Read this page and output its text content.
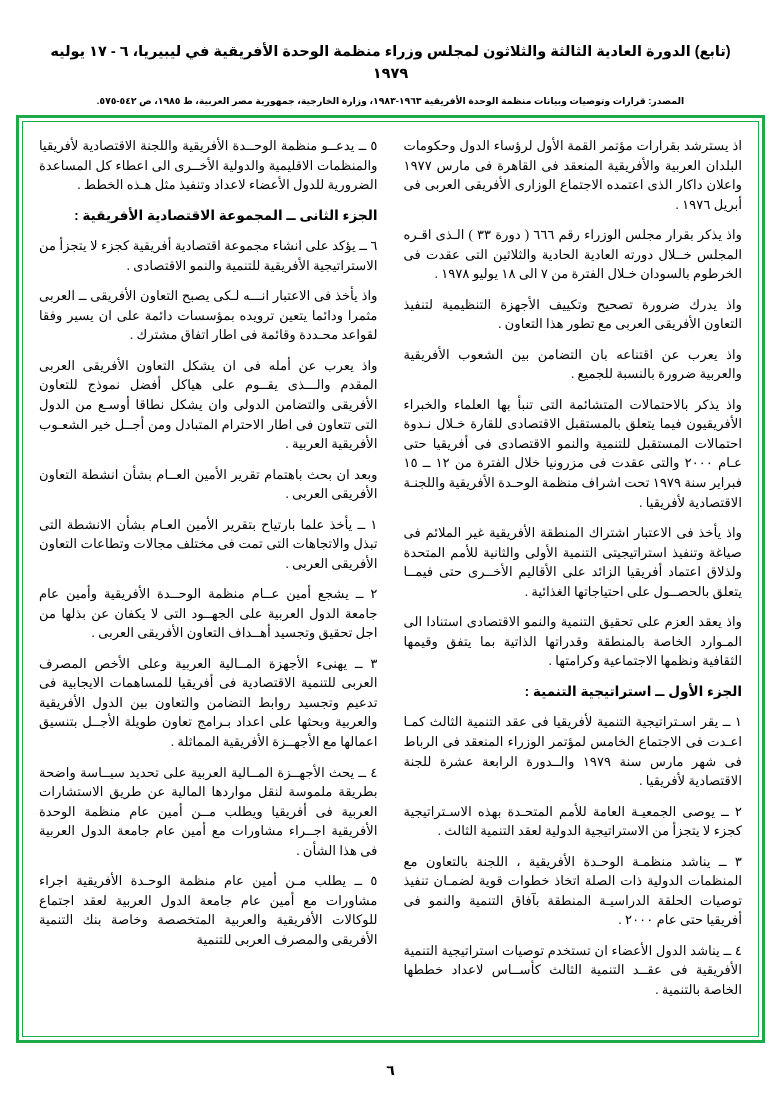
(تابع) الدورة العادية الثالثة والثلاثون لمجلس وزراء منظمة الوحدة الأفريقية في ليبيريا، ٦ - ١٧ يوليه ١٩٧٩
المصدر: قرارات وتوصيات وبيانات منظمة الوحدة الأفريقية ١٩٦٣-١٩٨٣، وزارة الخارجية، جمهورية مصر العربية، ط ١٩٨٥، ص ٥٤٢-٥٧٥.

اذ يسترشد بقرارات مؤتمر القمة الأول لرؤساء الدول وحكومات البلدان العربية والأفريقية المنعقد فى القاهرة فى مارس ١٩٧٧ واعلان داكار الذى اعتمده الاجتماع الوزارى الأفريقى العربى فى أبريل ١٩٧٦ .

واذ يذكر بقرار مجلس الوزراء رقم ٦٦٦ ( دورة ٣٣ ) الـذى اقـره المجلس خــلال دورته العادية الحادية والثلاثين التى عقدت فى الخرطوم بالسودان خـلال الفترة من ٧ الى ١٨ يوليو ١٩٧٨ .

واذ يدرك ضرورة تصحيح وتكييف الأجهزة التنظيمية لتنفيذ التعاون الأفريقى العربى مع تطور هذا التعاون .

واذ يعرب عن اقتناعه بان التضامن بين الشعوب الأفريقية والعربية ضرورة بالنسبة للجميع .

واذ يذكر بالاحتمالات المتشائمة التى تنبأ بها العلماء والخبراء الأفريقيون فيما يتعلق بالمستقبل الاقتصادى للقارة خـلال نـدوة احتمالات المستقبل للتنمية والنمو الاقتصادى فى أفريقيا حتى عـام ٢٠٠٠ والتى عقدت فى مزرونيا خلال الفترة من ١٢ ــ ١٥ فبراير سنة ١٩٧٩ تحت اشراف منظمة الوحـدة الأفريقية واللجنـة الاقتصادية لأفريقيا .

واذ يأخذ فى الاعتبار اشتراك المنطقة الأفريقية غير الملائم فى صياغة وتنفيذ استراتيجيتى التنمية الأولى والثانية للأمم المتحدة ولذلاق اعتماد أفريقيا الزائد على الأقاليم الأخــرى حتى فيمــا يتعلق بالحصــول على احتياجاتها الغذائية .

واذ يعقد العزم على تحقيق التنمية والنمو الاقتصادى استنادا الى المـوارد الخاصة بالمنطقة وقدراتها الذاتية بما يتفق وقيمها الثقافية ونظمها الاجتماعية وكرامتها .

الجزء الأول ــ استراتيجية التنمية :

١ ــ يقر اسـتراتيجية التنمية لأفريقيا فى عقد التنمية الثالث كمـا اعـدت فى الاجتماع الخامس لمؤتمر الوزراء المنعقد فى الرباط فى شهر مارس سنة ١٩٧٩ والــدورة الرابعة عشرة للجنة الاقتصادية لأفريقيا .

٢ ــ يوصى الجمعيـة العامة للأمم المتحـدة بهذه الاسـتراتيجية كجزء لا يتجزأ من الاستراتيجية الدولية لعقد التنمية الثالث .

٣ ــ يناشد منظمـة الوحـدة الأفريقية ، اللجنة بالتعاون مع المنظمات الدولية ذات الصلة اتخاذ خطوات قوية لضمـان تنفيذ توصيات الحلقة الدراسيـة المنطقة بآفاق التنمية والنمو فى أفريقيا حتى عام ٢٠٠٠ .

٤ ــ يناشد الدول الأعضاء ان تستخدم توصيات استراتيجية التنمية الأفريقية فى عقــد التنمية الثالث كأســاس لاعداد خططها الخاصة بالتنمية .

٥ ــ يدعــو منظمة الوحــدة الأفريقية واللجنة الاقتصادية لأفريقيا والمنظمات الاقليمية والدولية الأخــرى الى اعطاء كل المساعدة الضرورية للدول الأعضاء لاعداد وتنفيذ مثل هـذه الخطط .

الجزء الثانى ــ المجموعة الاقتصادية الأفريقية :

٦ ــ يؤكد على انشاء مجموعة اقتصادية أفريقية كجزء لا يتجزأ من الاستراتيجية الأفريقية للتنمية والنمو الاقتصادى .

واذ يأخذ فى الاعتبار انـــه لـكى يصبح التعاون الأفريقى ــ العربى مثمرا ودائما يتعين ترويده بمؤسسات دائمة على ان يسير وفقا لقواعد محـددة وقائمة فى اطار اتفاق مشترك .

واذ يعرب عن أمله فى ان يشكل التعاون الأفريقى العربى المقدم والـــذى يقــوم على هياكل أفضل نموذج للتعاون الأفريقى والتضامن الدولى وان يشكل نطاقا أوسـع من الدول التى تتعاون فى اطار الاحترام المتبادل ومن أجــل خير الشعـوب الأفريقية العربية .

وبعد ان بحث باهتمام تقرير الأمين العــام بشأن انشطة التعاون الأفريقى العربى .

١ ــ يأخذ علما بارتياح بتقرير الأمين العـام بشأن الانشطة التى تبذل والاتجاهات التى تمت فى مختلف مجالات وتطاعات التعاون الأفريقى العربى .

٢ ــ يشجع أمين عــام منظمة الوحــدة الأفريقية وأمين عام جامعة الدول العربية على الجهــود التى لا يكفان عن بذلها من اجل تحقيق وتجسيد أهــداف التعاون الأفريقى العربى .

٣ ــ يهنىء الأجهزة المــالية العربية وعلى الأخص المصرف العربى للتنمية الاقتصادية فى أفريقيا للمساهمات الايجابية فى تدعيم وتجسيد روابط التضامن والتعاون بين الدول الأفريقية والعربية وبحثها على اعداد بـرامج تعاون طويلة الأجــل بتنسيق اعمالها مع الأجهــزة الأفريقية المماثلة .

٤ ــ يحث الأجهــزة المــالية العربية على تحديد سيــاسة واضحة بطريقة ملموسة لنقل مواردها المالية عن طريق الاستشارات العربية فى أفريقيا ويطلب مــن أمين عام منظمة الوحدة الأفريقية اجــراء مشاورات مع أمين عام جامعة الدول العربية فى هذا الشأن .

٥ ــ يطلب مـن أمين عام منظمة الوحـدة الأفريقية اجراء مشاورات مع أمين عام جامعة الدول العربية لعقد اجتماع للوكالات الأفريقية والعربية المتخصصة وخاصة بنك التنمية الأفريقى والمصرف العربى للتنمية

٦
